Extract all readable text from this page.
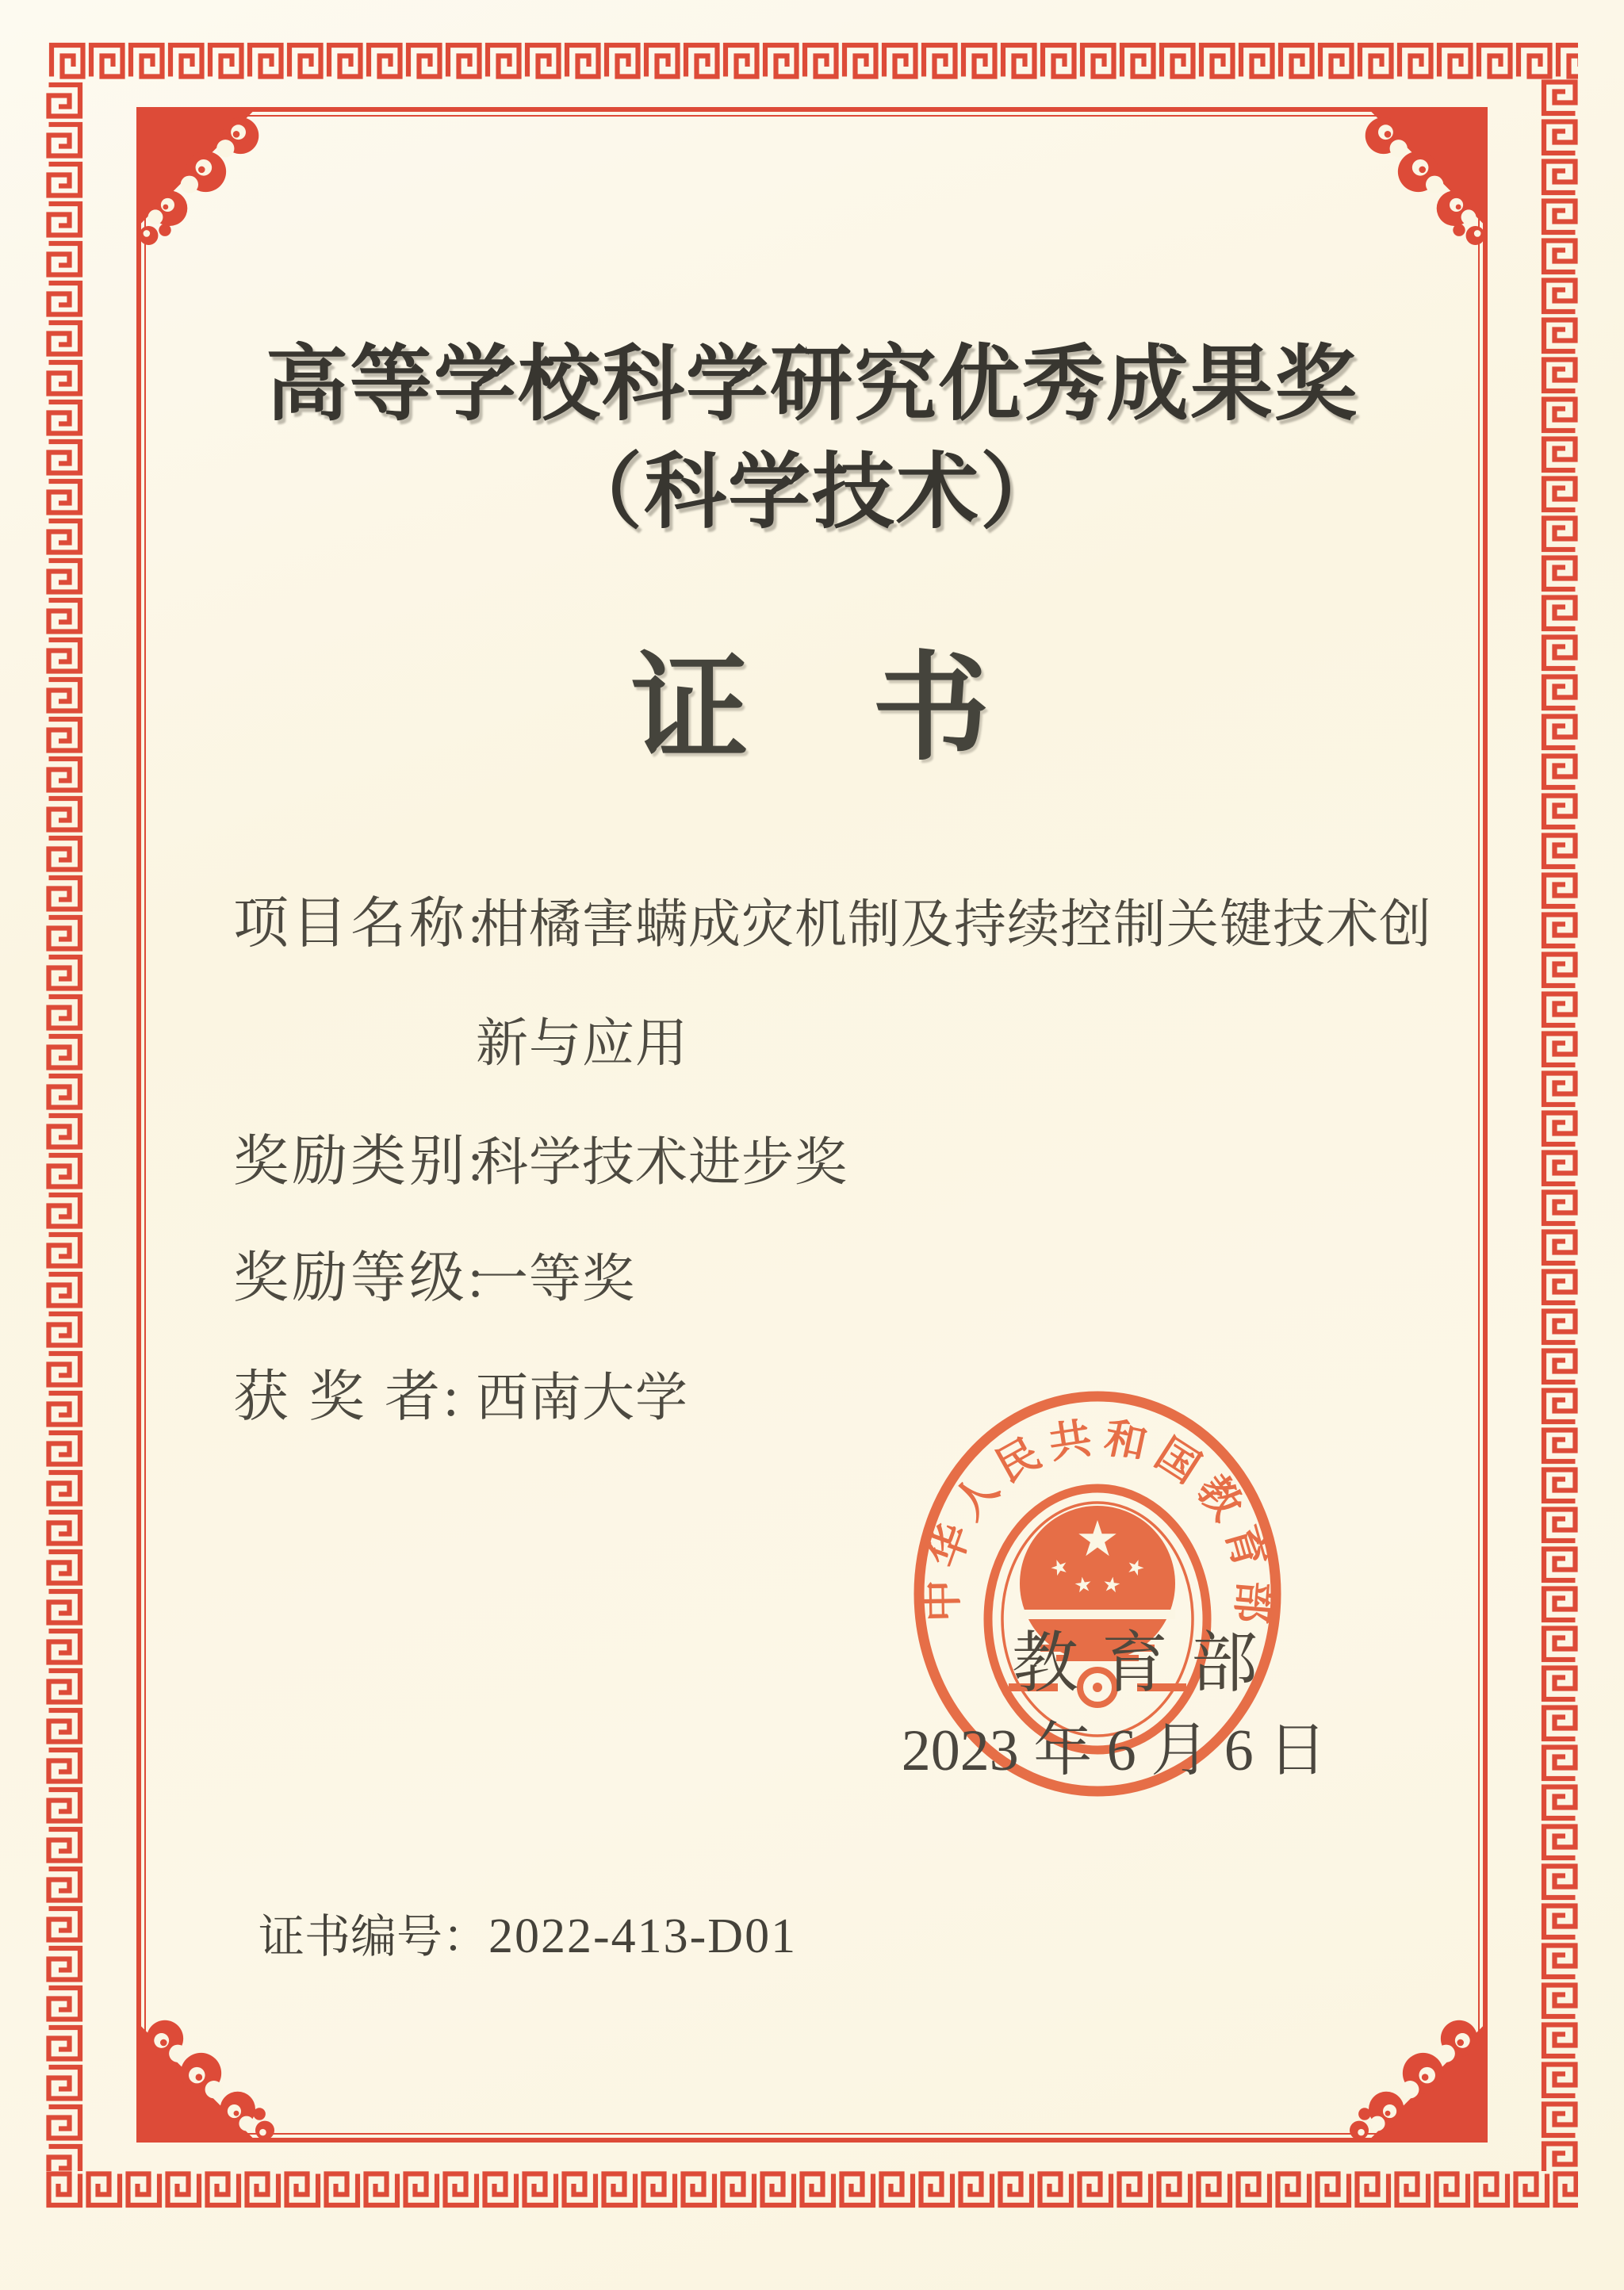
高等学校科学研究优秀成果奖
（科学技术）
证　书
项目名称:
柑橘害螨成灾机制及持续控制关键技术创
新与应用
奖励类别:
科学技术进步奖
奖励等级:
一等奖
获 奖 者: 西南大学
中华人民共和国教育部
教 育 部
2023 年 6 月 6 日
证书编号：2022-413-D01
